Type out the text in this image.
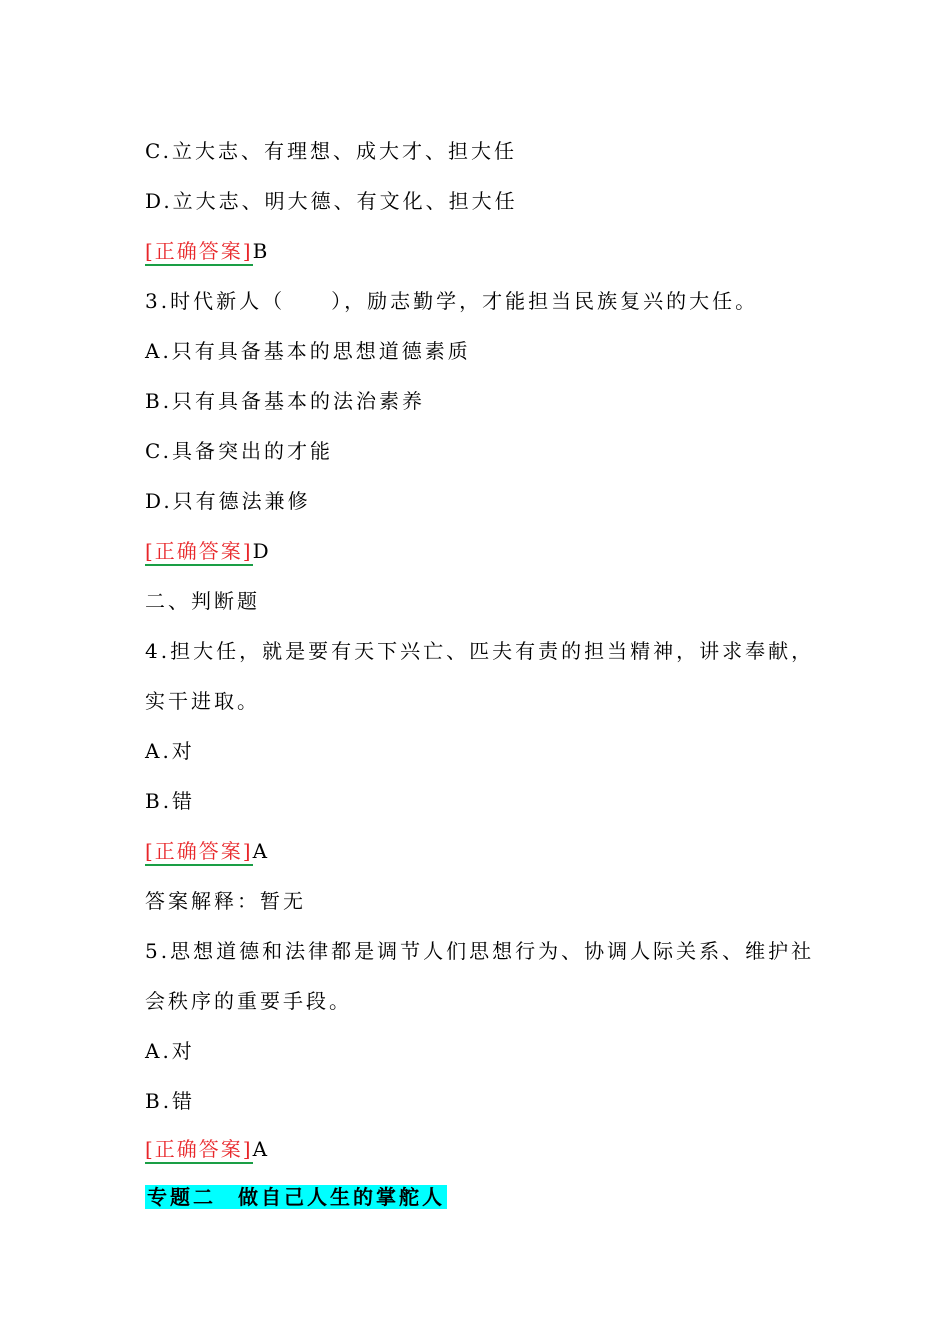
C.立大志、有理想、成大才、担大任
D.立大志、明大德、有文化、担大任
[正确答案]B
3.时代新人（　　），励志勤学，才能担当民族复兴的大任。
A.只有具备基本的思想道德素质
B.只有具备基本的法治素养
C.具备突出的才能
D.只有德法兼修
[正确答案]D
二、判断题
4.担大任，就是要有天下兴亡、匹夫有责的担当精神，讲求奉献，
实干进取。
A.对
B.错
[正确答案]A
答案解释：暂无
5.思想道德和法律都是调节人们思想行为、协调人际关系、维护社
会秩序的重要手段。
A.对
B.错
[正确答案]A
专题二 做自己人生的掌舵人
